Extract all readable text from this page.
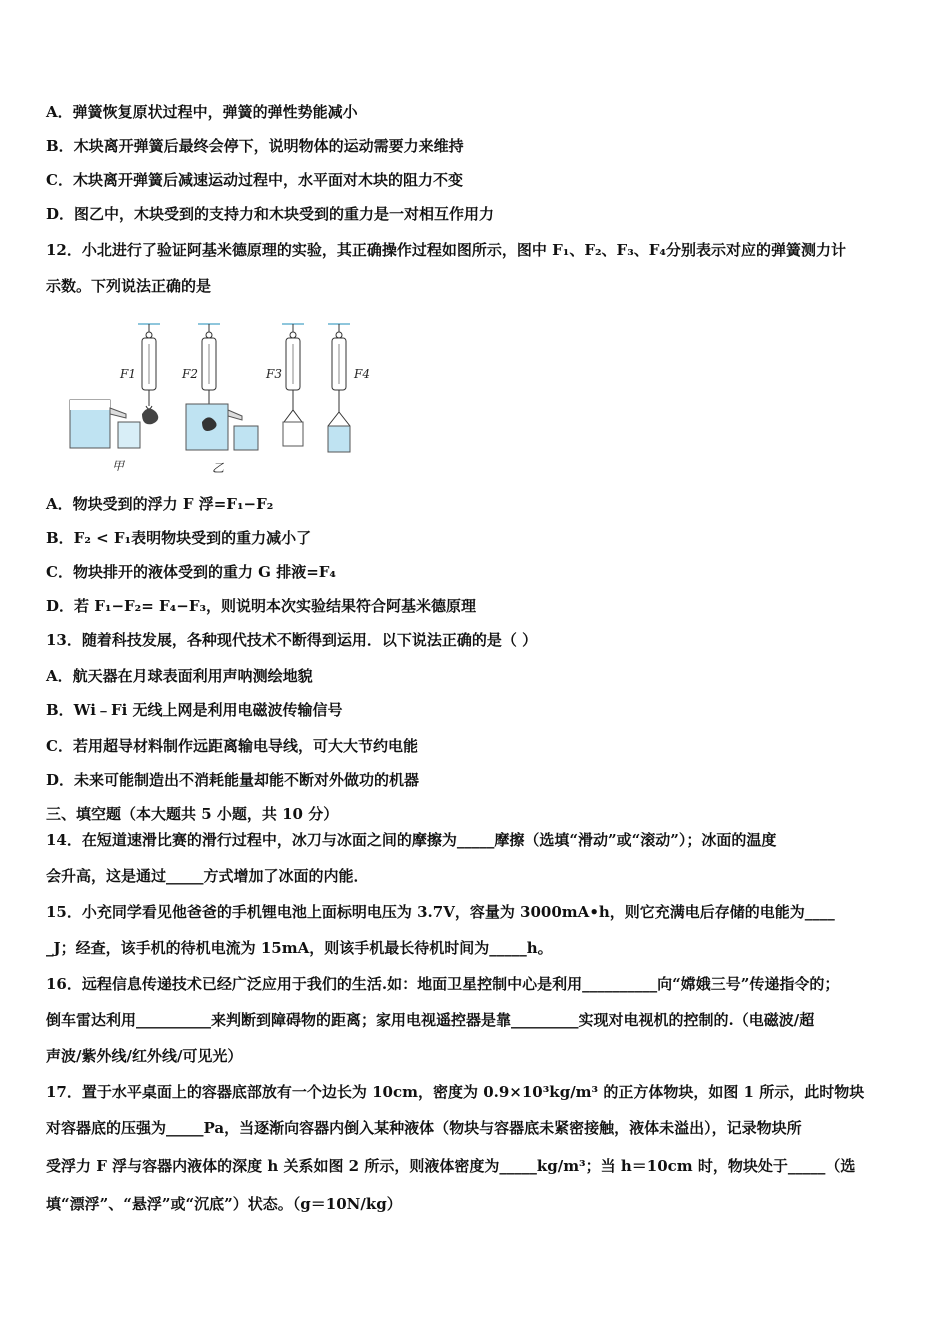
A．弹簧恢复原状过程中，弹簧的弹性势能减小
B．木块离开弹簧后最终会停下，说明物体的运动需要力来维持
C．木块离开弹簧后减速运动过程中，水平面对木块的阻力不变
D．图乙中，木块受到的支持力和木块受到的重力是一对相互作用力
12．小北进行了验证阿基米德原理的实验，其正确操作过程如图所示，图中 F₁、F₂、F₃、F₄分别表示对应的弹簧测力计
示数。下列说法正确的是
F1
甲
F2
乙
F3	F4
A．物块受到的浮力 F 浮=F₁−F₂
B．F₂ < F₁表明物块受到的重力减小了
C．物块排开的液体受到的重力 G 排液=F₄
D．若 F₁−F₂= F₄−F₃，则说明本次实验结果符合阿基米德原理
13．随着科技发展，各种现代技术不断得到运用．以下说法正确的是（ ）
A．航天器在月球表面利用声呐测绘地貌
B．Wi﹣Fi 无线上网是利用电磁波传输信号
C．若用超导材料制作远距离输电导线，可大大节约电能
D．未来可能制造出不消耗能量却能不断对外做功的机器
三、填空题（本大题共 5 小题，共 10 分）
14．在短道速滑比赛的滑行过程中，冰刀与冰面之间的摩擦为_____摩擦（选填“滑动”或“滚动”）；冰面的温度
会升高，这是通过_____方式增加了冰面的内能．
15．小充同学看见他爸爸的手机锂电池上面标明电压为 3.7V，容量为 3000mA•h，则它充满电后存储的电能为____
_J；经查，该手机的待机电流为 15mA，则该手机最长待机时间为_____h。
16．远程信息传递技术已经广泛应用于我们的生活.如：地面卫星控制中心是利用__________向“嫦娥三号”传递指令的；
倒车雷达利用__________来判断到障碍物的距离；家用电视遥控器是靠_________实现对电视机的控制的.（电磁波/超
声波/紫外线/红外线/可见光）
17．置于水平桌面上的容器底部放有一个边长为 10cm，密度为 0.9×10³kg/m³ 的正方体物块，如图 1 所示，此时物块
对容器底的压强为_____Pa，当逐渐向容器内倒入某种液体（物块与容器底未紧密接触，液体未溢出），记录物块所
受浮力 F 浮与容器内液体的深度 h 关系如图 2 所示，则液体密度为_____kg/m³；当 h＝10cm 时，物块处于_____（选
填“漂浮”、“悬浮”或“沉底”）状态。（g＝10N/kg）
